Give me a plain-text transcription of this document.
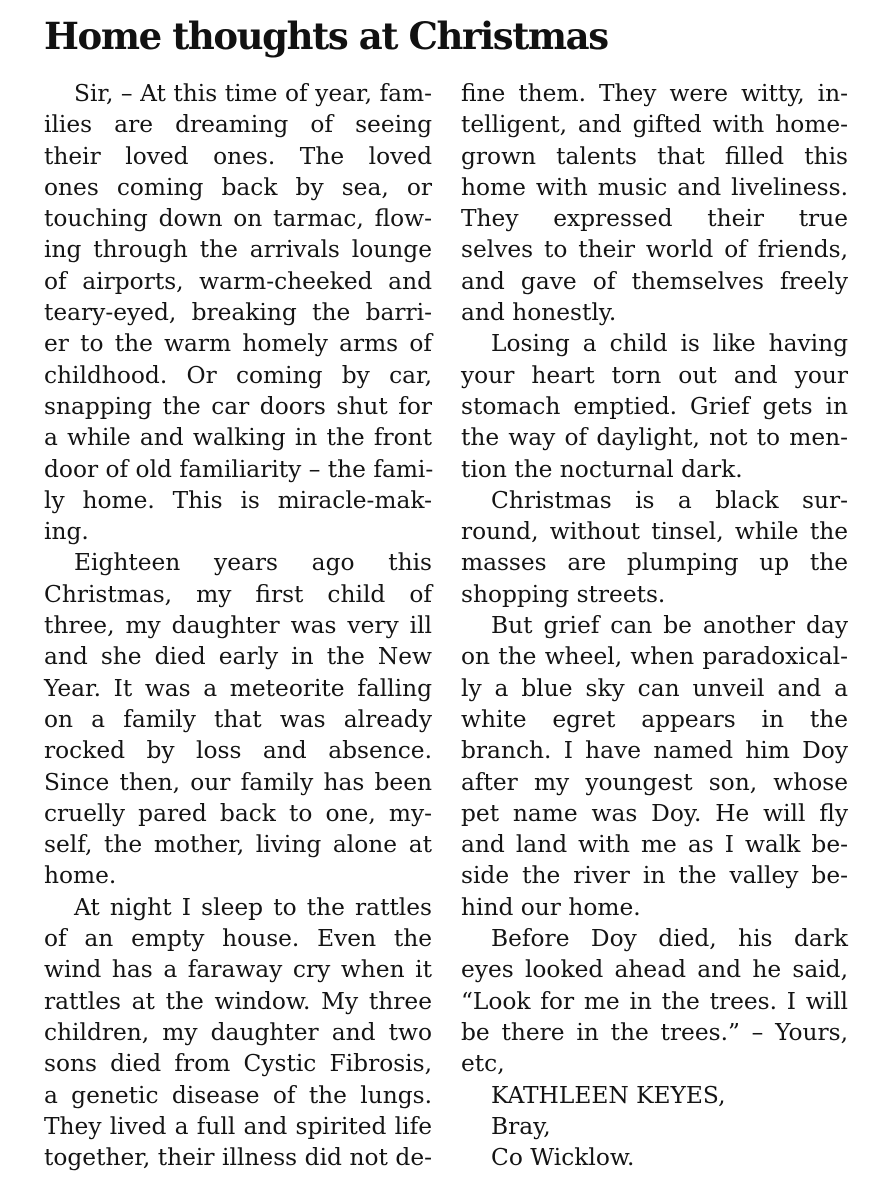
Home thoughts at Christmas
Sir, – At this time of year, fam-
ilies are dreaming of seeing
their loved ones. The loved
ones coming back by sea, or
touching down on tarmac, flow-
ing through the arrivals lounge
of airports, warm-cheeked and
teary-eyed, breaking the barri-
er to the warm homely arms of
childhood. Or coming by car,
snapping the car doors shut for
a while and walking in the front
door of old familiarity – the fami-
ly home. This is miracle-mak-
ing.
Eighteen years ago this
Christmas, my first child of
three, my daughter was very ill
and she died early in the New
Year. It was a meteorite falling
on a family that was already
rocked by loss and absence.
Since then, our family has been
cruelly pared back to one, my-
self, the mother, living alone at
home.
At night I sleep to the rattles
of an empty house. Even the
wind has a faraway cry when it
rattles at the window. My three
children, my daughter and two
sons died from Cystic Fibrosis,
a genetic disease of the lungs.
They lived a full and spirited life
together, their illness did not de-
fine them. They were witty, in-
telligent, and gifted with home-
grown talents that filled this
home with music and liveliness.
They expressed their true
selves to their world of friends,
and gave of themselves freely
and honestly.
Losing a child is like having
your heart torn out and your
stomach emptied. Grief gets in
the way of daylight, not to men-
tion the nocturnal dark.
Christmas is a black sur-
round, without tinsel, while the
masses are plumping up the
shopping streets.
But grief can be another day
on the wheel, when paradoxical-
ly a blue sky can unveil and a
white egret appears in the
branch. I have named him Doy
after my youngest son, whose
pet name was Doy. He will fly
and land with me as I walk be-
side the river in the valley be-
hind our home.
Before Doy died, his dark
eyes looked ahead and he said,
“Look for me in the trees. I will
be there in the trees.” – Yours,
etc,
KATHLEEN KEYES,
Bray,
Co Wicklow.
